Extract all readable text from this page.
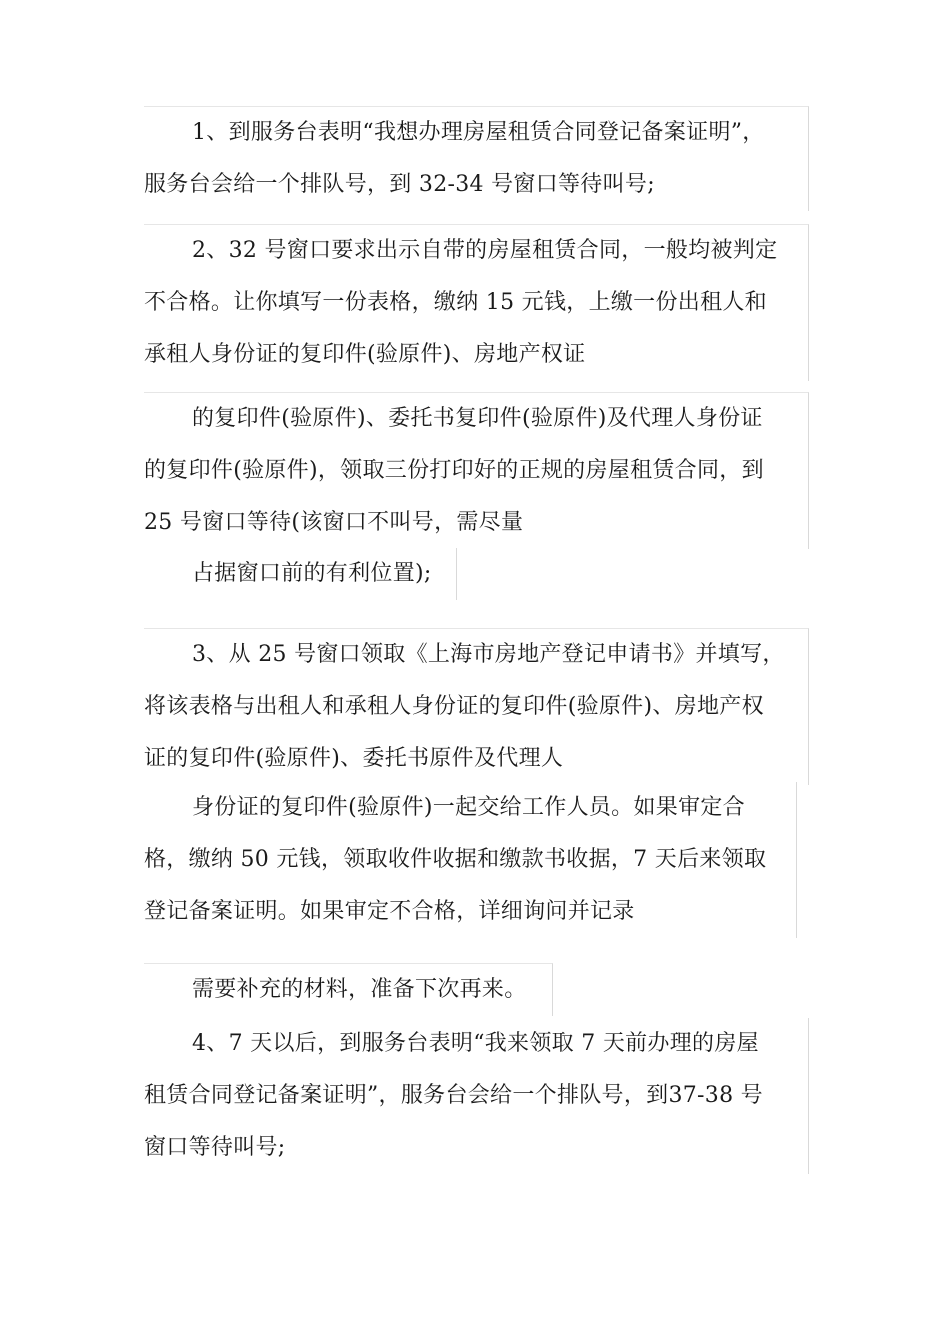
1、到服务台表明“我想办理房屋租赁合同登记备案证明”，
服务台会给一个排队号，到 32-34 号窗口等待叫号;
2、32 号窗口要求出示自带的房屋租赁合同，一般均被判定
不合格。让你填写一份表格，缴纳 15 元钱，上缴一份出租人和
承租人身份证的复印件(验原件)、房地产权证
的复印件(验原件)、委托书复印件(验原件)及代理人身份证
的复印件(验原件)，领取三份打印好的正规的房屋租赁合同，到
25 号窗口等待(该窗口不叫号，需尽量
占据窗口前的有利位置);
3、从 25 号窗口领取《上海市房地产登记申请书》并填写，
将该表格与出租人和承租人身份证的复印件(验原件)、房地产权
证的复印件(验原件)、委托书原件及代理人
身份证的复印件(验原件)一起交给工作人员。如果审定合
格，缴纳 50 元钱，领取收件收据和缴款书收据，7 天后来领取
登记备案证明。如果审定不合格，详细询问并记录
需要补充的材料，准备下次再来。
4、7 天以后，到服务台表明“我来领取 7 天前办理的房屋
租赁合同登记备案证明”，服务台会给一个排队号，到37-38 号
窗口等待叫号;
